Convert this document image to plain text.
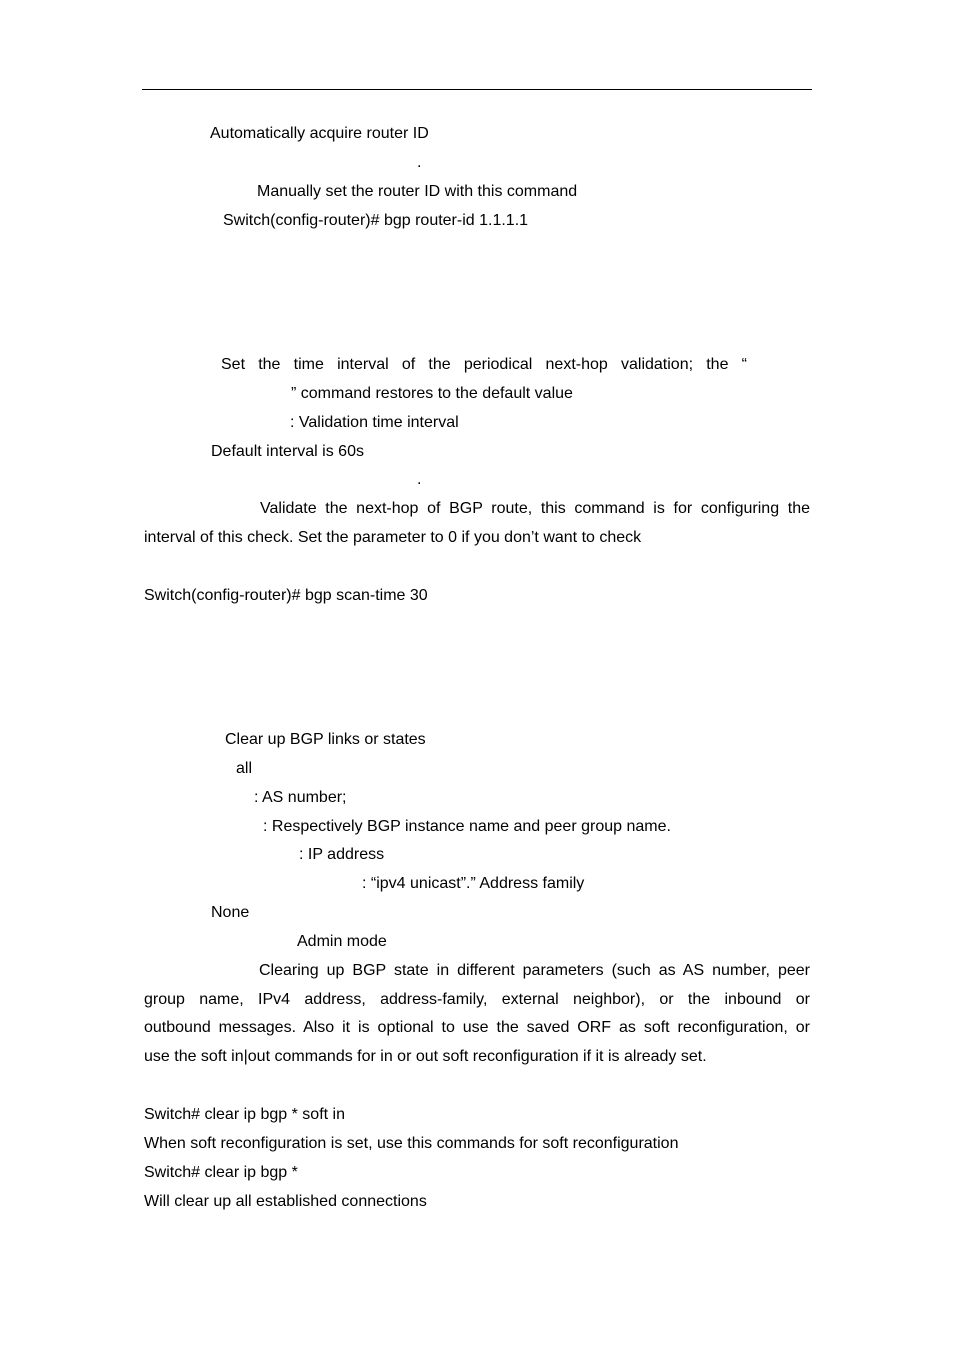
Automatically acquire router ID
.
Manually set the router ID with this command
Switch(config-router)# bgp router-id 1.1.1.1
Set the time interval of the periodical next-hop validation; the “
” command restores to the default value
: Validation time interval
Default interval is 60s
.
Validate the next-hop of BGP route, this command is for configuring the
interval of this check. Set the parameter to 0 if you don’t want to check
Switch(config-router)# bgp scan-time 30
Clear up BGP links or states
all
: AS number;
: Respectively BGP instance name and peer group name.
: IP address
: “ipv4 unicast”.” Address family
None
Admin mode
Clearing up BGP state in different parameters (such as AS number, peer
group name, IPv4 address, address-family, external neighbor), or the inbound or
outbound messages. Also it is optional to use the saved ORF as soft reconfiguration, or
use the soft in|out commands for in or out soft reconfiguration if it is already set.
Switch# clear ip bgp * soft in
When soft reconfiguration is set, use this commands for soft reconfiguration
Switch# clear ip bgp *
Will clear up all established connections
